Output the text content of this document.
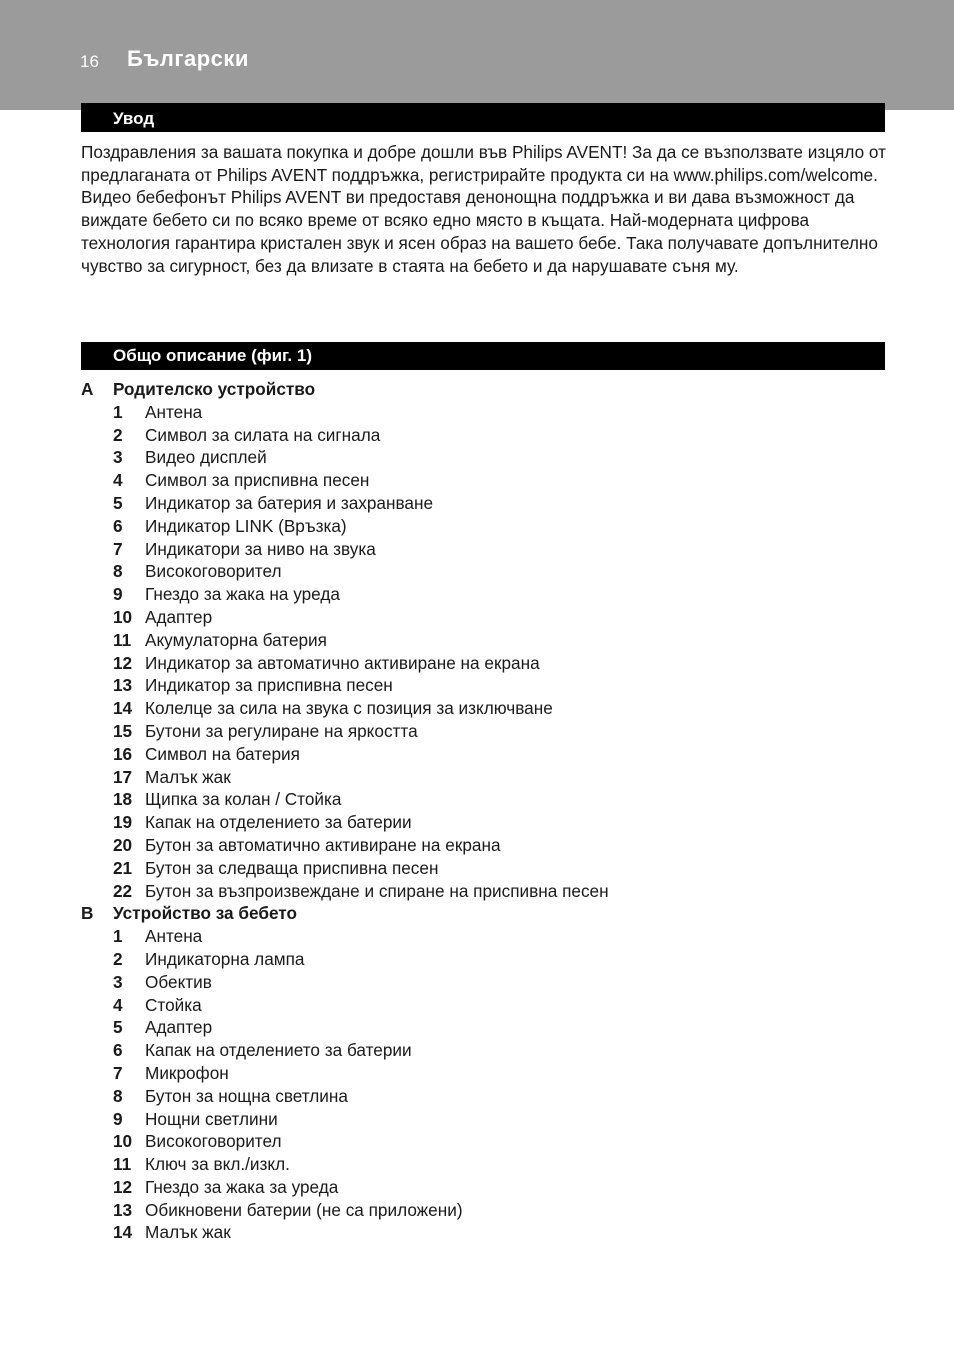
16 Български
Увод

Поздравления за вашата покупка и добре дошли във Philips AVENT! За да се възползвате изцяло от предлаганата от Philips AVENT поддръжка, регистрирайте продукта си на www.philips.com/welcome.

Видео бебефонът Philips AVENT ви предоставя денонощна поддръжка и ви дава възможност да виждате бебето си по всяко време от всяко едно място в къщата. Най-модерната цифрова технология гарантира кристален звук и ясен образ на вашето бебе. Така получавате допълнително чувство за сигурност, без да влизате в стаята на бебето и да нарушавате съня му.

Общо описание (фиг. 1)
A	Родителско устройство
1	Антена
2	Символ за силата на сигнала
3	Видео дисплей
4	Символ за приспивна песен
5	Индикатор за батерия и захранване
6	Индикатор LINK (Връзка)
7	Индикатори за ниво на звука
8	Високоговорител
9	Гнездо за жака на уреда
10 Адаптер
11 Акумулаторна батерия
12 Индикатор за автоматично активиране на екрана
13 Индикатор за приспивна песен
14 Колелце за сила на звука с позиция за изключване
15 Бутони за регулиране на яркостта
16 Символ на батерия
17 Малък жак
18 Щипка за колан / Стойка
19 Капак на отделението за батерии
20 Бутон за автоматично активиране на екрана
21 Бутон за следваща приспивна песен
22 Бутон за възпроизвеждане и спиране на приспивна песен
B	Устройство за бебето
1	Антена
2	Индикаторна лампа
3	Обектив
4	Стойка
5	Адаптер
6	Капак на отделението за батерии
7	Микрофон
8	Бутон за нощна светлина
9	Нощни светлини
10 Високоговорител
11 Ключ за вкл./изкл.
12 Гнездо за жака за уреда
13 Обикновени батерии (не са приложени)
14 Малък жак
